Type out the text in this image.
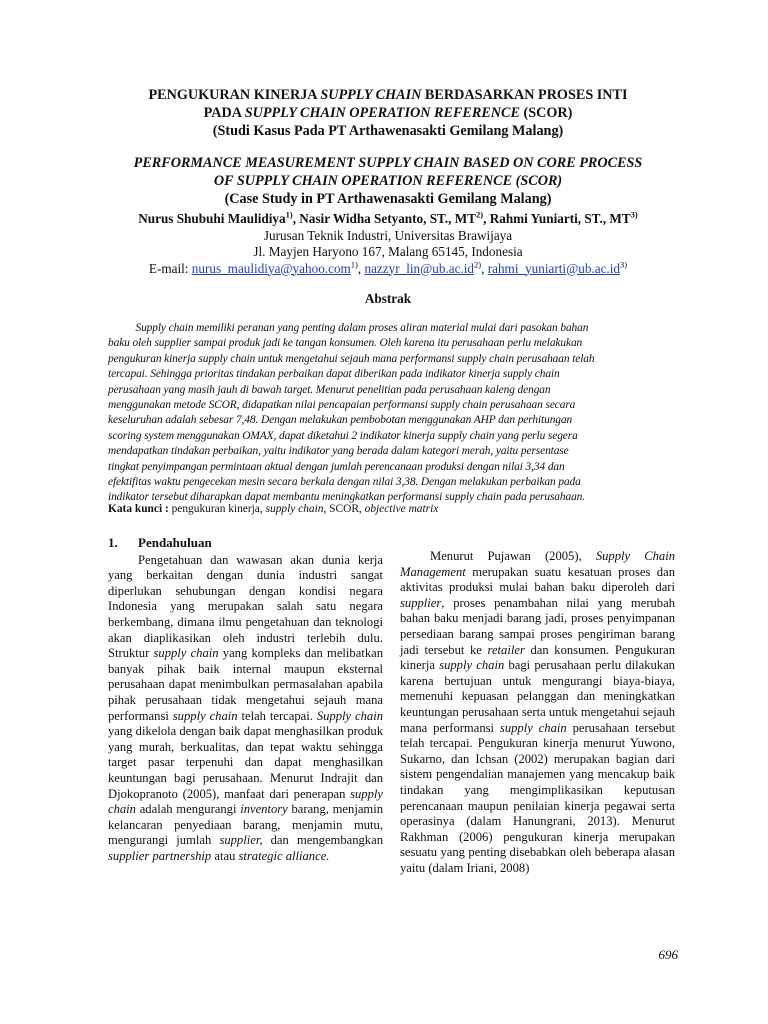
PENGUKURAN KINERJA SUPPLY CHAIN BERDASARKAN PROSES INTI
PADA SUPPLY CHAIN OPERATION REFERENCE (SCOR)
(Studi Kasus Pada PT Arthawenasakti Gemilang Malang)
PERFORMANCE MEASUREMENT SUPPLY CHAIN BASED ON CORE PROCESS
OF SUPPLY CHAIN OPERATION REFERENCE (SCOR)
(Case Study in PT Arthawenasakti Gemilang Malang)
Nurus Shubuhi Maulidiya$^{1)}$, Nasir Widha Setyanto, ST., MT$^{2)}$, Rahmi Yuniarti, ST., MT$^{3)}$
Jurusan Teknik Industri, Universitas Brawijaya
Jl. Mayjen Haryono 167, Malang 65145, Indonesia
E-mail: nurus_maulidiya@yahoo.com$^{1)}$, $nazzyr\_lin@ub.ac.id^{2)}$, $rahmi\_yuniarti@ub.ac.id^{3)}$
Abstrak
Supply chain memiliki peranan yang penting dalam proses aliran material mulai dari pasokan bahan
baku oleh supplier sampai produk jadi ke tangan konsumen. Oleh karena itu perusahaan perlu melakukan
pengukuran kinerja supply chain untuk mengetahui sejauh mana performansi supply chain perusahaan telah
tercapai. Sehingga prioritas tindakan perbaikan dapat diberikan pada indikator kinerja supply chain
perusahaan yang masih jauh di bawah target. Menurut penelitian pada perusahaan kaleng dengan
menggunakan metode SCOR, didapatkan nilai pencapaian performansi supply chain perusahaan secara
keseluruhan adalah sebesar 7,48. Dengan melakukan pembobotan menggunakan AHP dan perhitungan
scoring system menggunakan OMAX, dapat diketahui 2 indikator kinerja supply chain yang perlu segera
mendapatkan tindakan perbaikan, yaitu indikator yang berada dalam kategori merah, yaitu persentase
tingkat penyimpangan permintaan aktual dengan jumlah perencanaan produksi dengan nilai 3,34 dan
efektifitas waktu pengecekan mesin secara berkala dengan nilai 3,38. Dengan melakukan perbaikan pada
indikator tersebut diharapkan dapat membantu meningkatkan performansi supply chain pada perusahaan.
Kata kunci : pengukuran kinerja, supply chain, SCOR, objective matrix
1. Pendahuluan

Pengetahuan dan wawasan akan dunia kerja yang berkaitan dengan dunia industri sangat diperlukan sehubungan dengan kondisi negara Indonesia yang merupakan salah satu negara berkembang, dimana ilmu pengetahuan dan teknologi akan diaplikasikan oleh industri terlebih dulu. Struktur supply chain yang kompleks dan melibatkan banyak pihak baik internal maupun eksternal perusahaan dapat menimbulkan permasalahan apabila pihak perusahaan tidak mengetahui sejauh mana performansi supply chain telah tercapai. Supply chain yang dikelola dengan baik dapat menghasilkan produk yang murah, berkualitas, dan tepat waktu sehingga target pasar terpenuhi dan dapat menghasilkan keuntungan bagi perusahaan. Menurut Indrajit dan Djokopranoto (2005), manfaat dari penerapan supply chain adalah mengurangi inventory barang, menjamin kelancaran penyediaan barang, menjamin mutu, mengurangi jumlah supplier, dan mengembangkan supplier partnership atau strategic alliance.

Menurut Pujawan (2005), Supply Chain Management merupakan suatu kesatuan proses dan aktivitas produksi mulai bahan baku diperoleh dari supplier, proses penambahan nilai yang merubah bahan baku menjadi barang jadi, proses penyimpanan persediaan barang sampai proses pengiriman barang jadi tersebut ke retailer dan konsumen. Pengukuran kinerja supply chain bagi perusahaan perlu dilakukan karena bertujuan untuk mengurangi biaya-biaya, memenuhi kepuasan pelanggan dan meningkatkan keuntungan perusahaan serta untuk mengetahui sejauh mana performansi supply chain perusahaan tersebut telah tercapai. Pengukuran kinerja menurut Yuwono, Sukarno, dan Ichsan (2002) merupakan bagian dari sistem pengendalian manajemen yang mencakup baik tindakan yang mengimplikasikan keputusan perencanaan maupun penilaian kinerja pegawai serta operasinya (dalam Hanungrani, 2013). Menurut Rakhman (2006) pengukuran kinerja merupakan sesuatu yang penting disebabkan oleh beberapa alasan yaitu (dalam Iriani, 2008)

696
